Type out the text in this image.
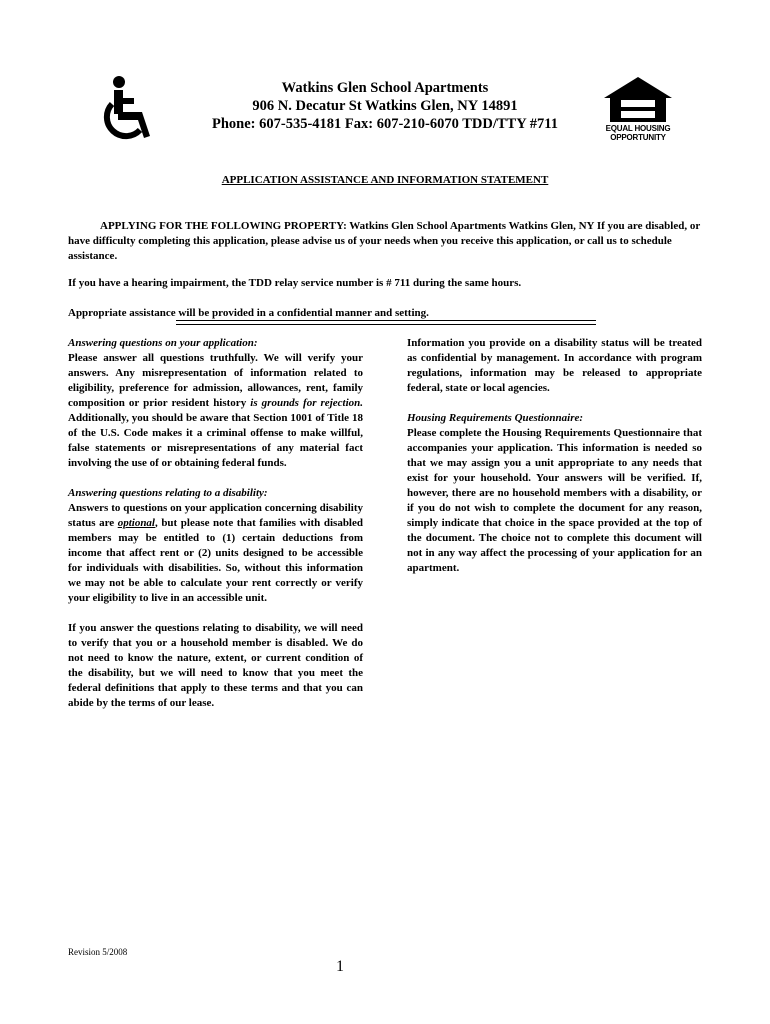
Watkins Glen School Apartments
906 N. Decatur St Watkins Glen, NY 14891
Phone: 607-535-4181 Fax: 607-210-6070 TDD/TTY #711	EQUAL HOUSING
OPPORTUNITY
APPLICATION ASSISTANCE AND INFORMATION STATEMENT
APPLYING FOR THE FOLLOWING PROPERTY: Watkins Glen School Apartments Watkins Glen, NY If you are disabled, or have difficulty completing this application, please advise us of your needs when you receive this application, or call us to schedule assistance.
If you have a hearing impairment, the TDD relay service number is # 711 during the same hours.
Appropriate assistance will be provided in a confidential manner and setting.

Answering questions on your application:
Please answer all questions truthfully. We will verify your answers. Any misrepresentation of information related to eligibility, preference for admission, allowances, rent, family composition or prior resident history is grounds for rejection. Additionally, you should be aware that Section 1001 of Title 18 of the U.S. Code makes it a criminal offense to make willful, false statements or misrepresentations of any material fact involving the use of or obtaining federal funds.

Answering questions relating to a disability:
Answers to questions on your application concerning disability status are optional, but please note that families with disabled members may be entitled to (1) certain deductions from income that affect rent or (2) units designed to be accessible for individuals with disabilities. So, without this information we may not be able to calculate your rent correctly or verify your eligibility to live in an accessible unit.

If you answer the questions relating to disability, we will need to verify that you or a household member is disabled. We do not need to know the nature, extent, or current condition of the disability, but we will need to know that you meet the federal definitions that apply to these terms and that you can abide by the terms of our lease.

Information you provide on a disability status will be treated as confidential by management. In accordance with program regulations, information may be released to appropriate federal, state or local agencies.

Housing Requirements Questionnaire:
Please complete the Housing Requirements Questionnaire that accompanies your application. This information is needed so that we may assign you a unit appropriate to any needs that exist for your household. Your answers will be verified. If, however, there are no household members with a disability, or if you do not wish to complete the document for any reason, simply indicate that choice in the space provided at the top of the document. The choice not to complete this document will not in any way affect the processing of your application for an apartment.

Revision 5/2008
1
